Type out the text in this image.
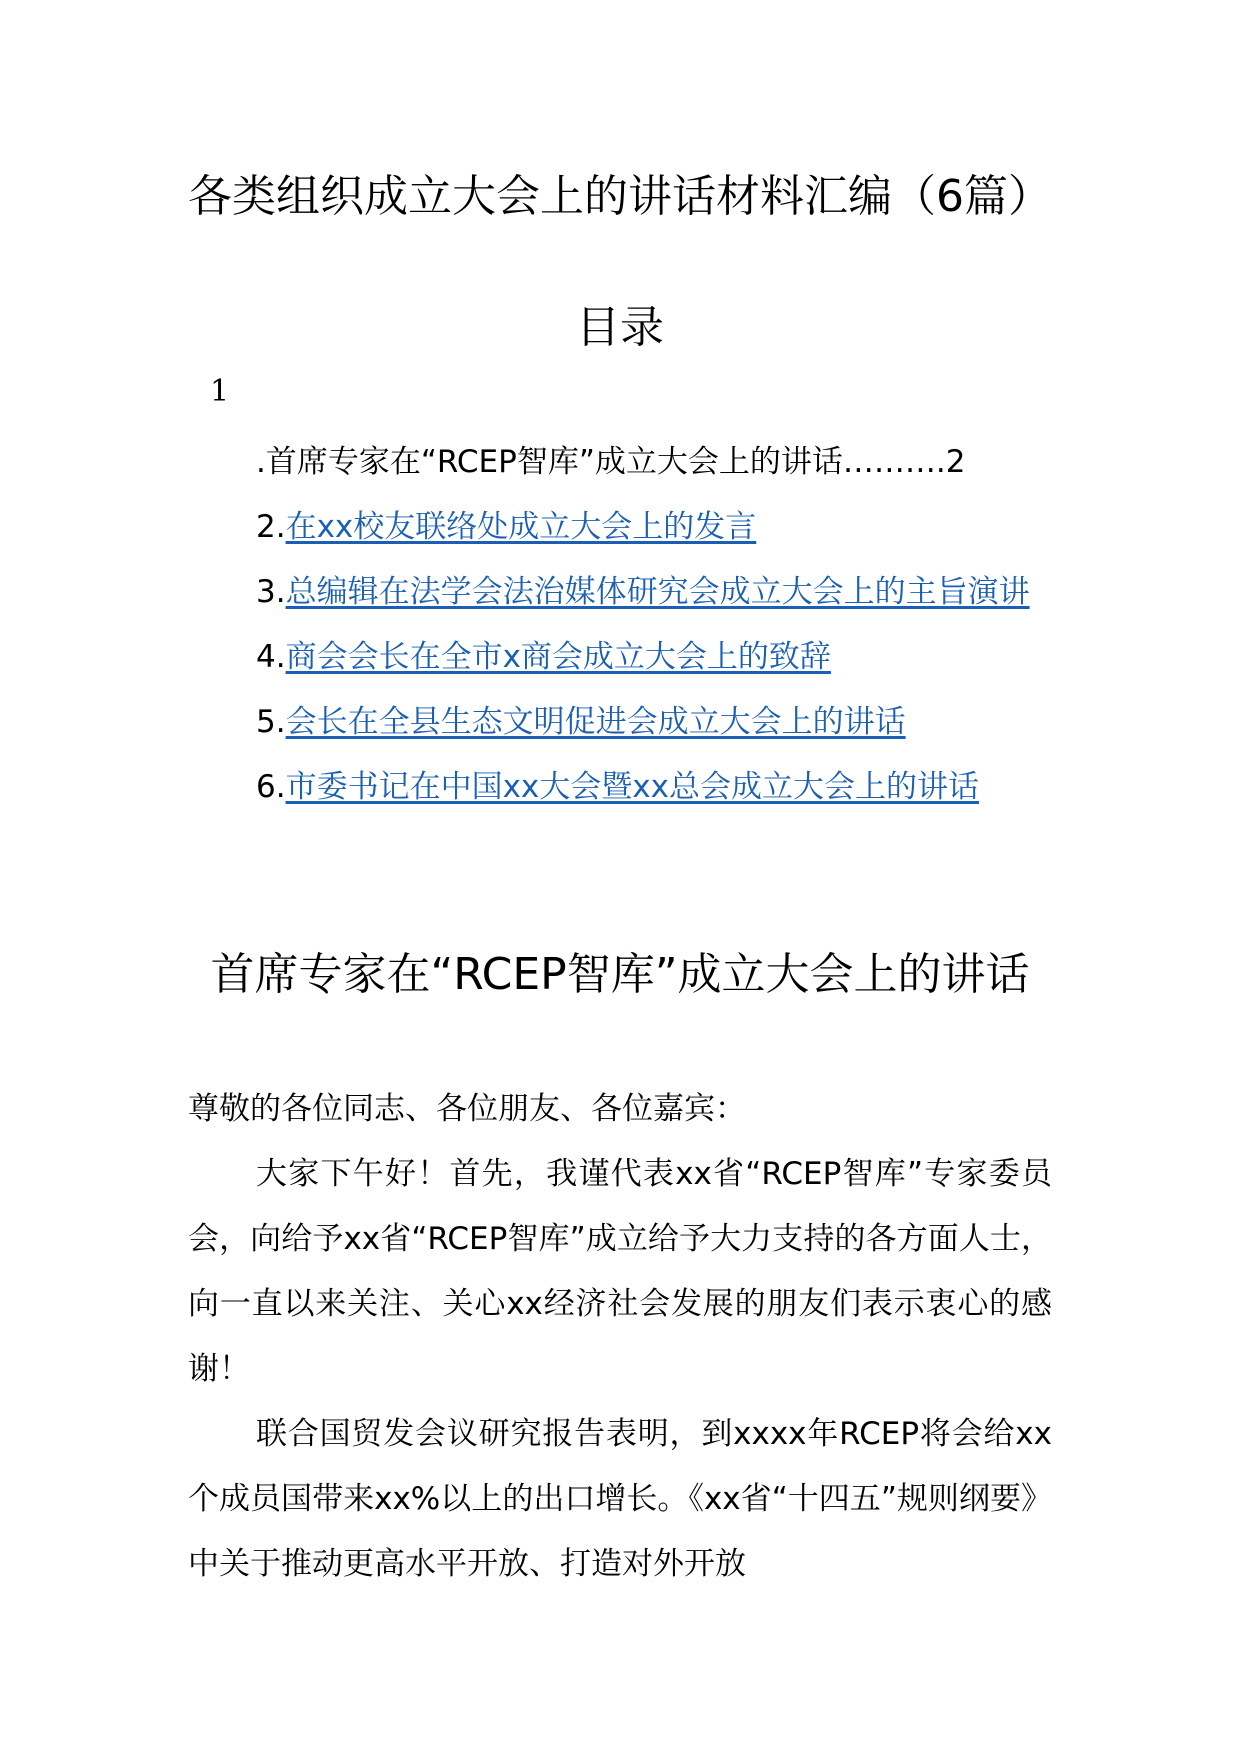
各类组织成立大会上的讲话材料汇编（6篇）
目录
1
.首席专家在“RCEP智库”成立大会上的讲话……….2
2.在xx校友联络处成立大会上的发言
3.总编辑在法学会法治媒体研究会成立大会上的主旨演讲
4.商会会长在全市x商会成立大会上的致辞
5.会长在全县生态文明促进会成立大会上的讲话
6.市委书记在中国xx大会暨xx总会成立大会上的讲话
首席专家在“RCEP智库”成立大会上的讲话

尊敬的各位同志、各位朋友、各位嘉宾：

大家下午好！首先，我谨代表xx省“RCEP智库”专家委员会，向给予xx省“RCEP智库”成立给予大力支持的各方面人士，向一直以来关注、关心xx经济社会发展的朋友们表示衷心的感谢！

联合国贸发会议研究报告表明，到xxxx年RCEP将会给xx个成员国带来xx%以上的出口增长。《xx省“十四五”规则纲要》中关于推动更高水平开放、打造对外开放
